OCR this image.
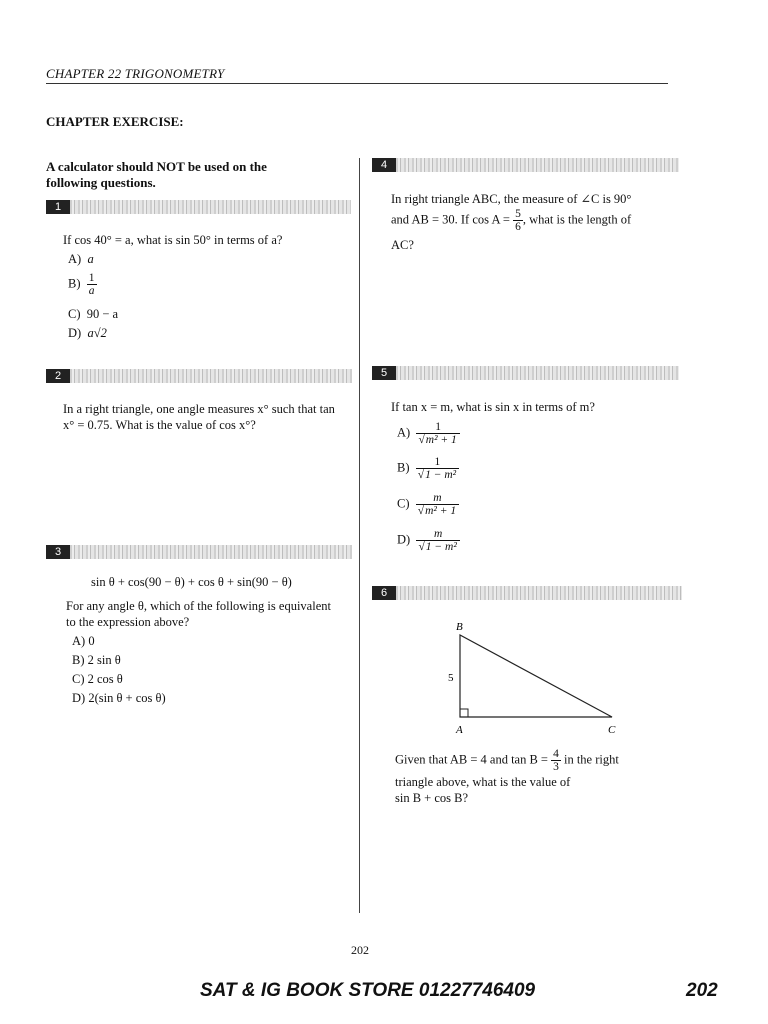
CHAPTER 22 TRIGONOMETRY
CHAPTER EXERCISE:
A calculator should NOT be used on the following questions.
1
If cos 40° = a, what is sin 50° in terms of a?
A) a
$B) \frac{1}{a}$
C) 90 − a
D) a√2
2
In a right triangle, one angle measures x° such that tan x° = 0.75. What is the value of cos x°?
3
sin θ + cos(90 − θ) + cos θ + sin(90 − θ)
For any angle θ, which of the following is equivalent to the expression above?
A) 0
B) 2 sin θ
C) 2 cos θ
D) 2(sin θ + cos θ)
4
In right triangle ABC, the measure of ∠C is 90°
and AB = 30. If $\cos A = \frac{5}{6}$ , what is the length of
AC?
5
If tan x = m, what is sin x in terms of m?
$A) \frac{1}{\text{√m² + 1}}$
$B) \frac{1}{\text{√1 − m²}}$
$C) \frac{m}{\text{√m² + 1}}$
$D) \frac{m}{\text{√1 − m²}}$
6
B
A	C
5
Given that AB = 4 and $\tan B = \frac{4}{3}$ in the right
triangle above, what is the value of
sin B + cos B?
202
SAT & IG BOOK STORE 01227746409	202
